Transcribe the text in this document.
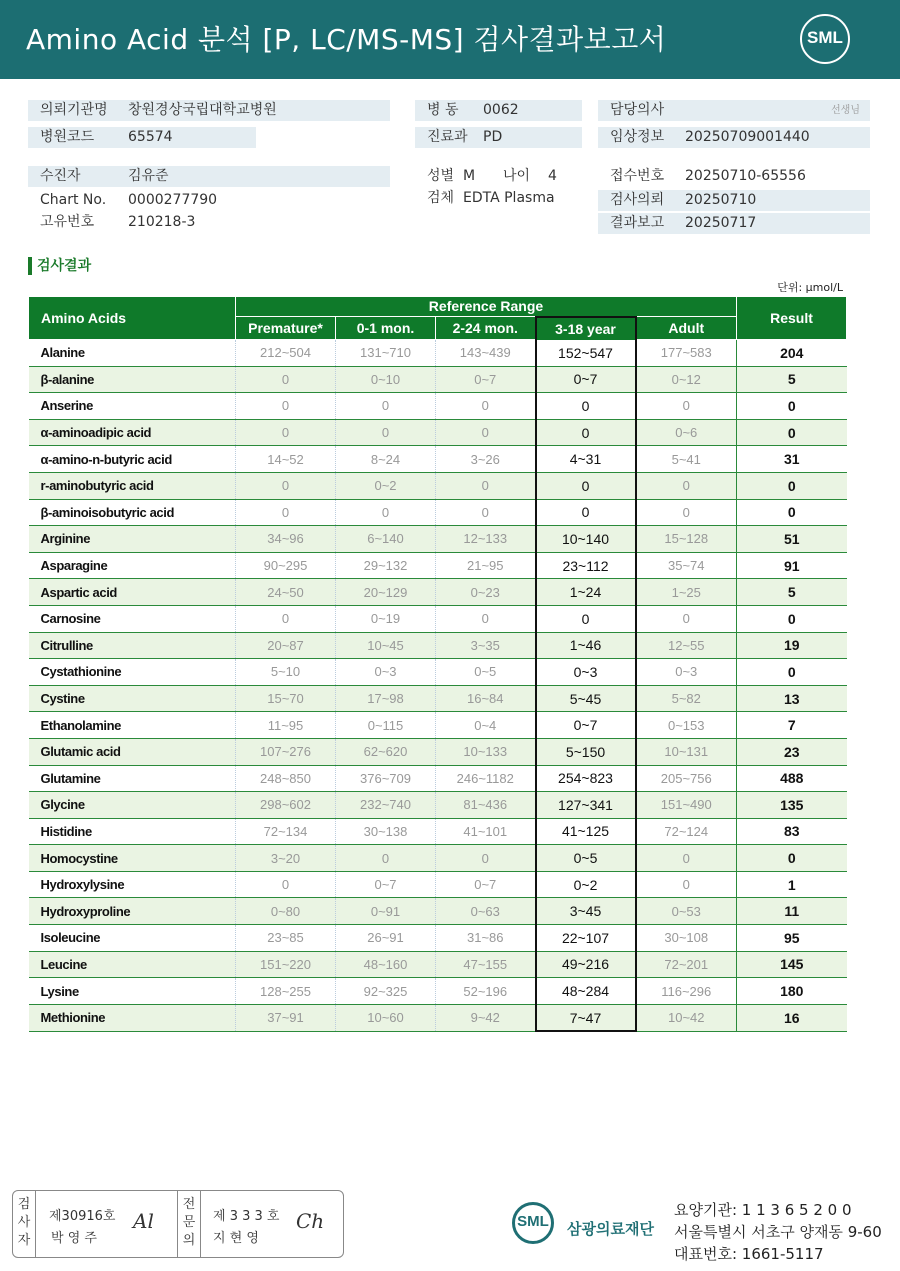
Amino Acid 분석 [P, LC/MS-MS] 검사결과보고서	SML
의뢰기관명 창원경상국립대학교병원
병원코드 65574
병 동 0062
진료과 PD
담당의사	선생님
임상정보 20250709001440
수진자	김유준
Chart No. 0000277790
고유번호 210218-3
성별 M 나이 4
검체 EDTA Plasma
접수번호 20250710-65556
검사의뢰 20250710
결과보고 20250717
검사결과
단위: μmol/L
Amino Acids	Reference Range					Result
	Premature*	0-1 mon.	2-24 mon.	3-18 year	Adult	
Alanine	212~504	131~710	143~439	152~547	177~583	204
β-alanine	0	0~10	0~7	0~7	0~12	5
Anserine	0	0	0	0	0	0
α-aminoadipic acid	0	0	0	0	0~6	0
α-amino-n-butyric acid	14~52	8~24	3~26	4~31	5~41	31
r-aminobutyric acid	0	0~2	0	0	0	0
β-aminoisobutyric acid	0	0	0	0	0	0
Arginine	34~96	6~140	12~133	10~140	15~128	51
Asparagine	90~295	29~132	21~95	23~112	35~74	91
Aspartic acid	24~50	20~129	0~23	1~24	1~25	5
Carnosine	0	0~19	0	0	0	0
Citrulline	20~87	10~45	3~35	1~46	12~55	19
Cystathionine	5~10	0~3	0~5	0~3	0~3	0
Cystine	15~70	17~98	16~84	5~45	5~82	13
Ethanolamine	11~95	0~115	0~4	0~7	0~153	7
Glutamic acid	107~276	62~620	10~133	5~150	10~131	23
Glutamine	248~850	376~709	246~1182	254~823	205~756	488
Glycine	298~602	232~740	81~436	127~341	151~490	135
Histidine	72~134	30~138	41~101	41~125	72~124	83
Homocystine	3~20	0	0	0~5	0	0
Hydroxylysine	0	0~7	0~7	0~2	0	1
Hydroxyproline	0~80	0~91	0~63	3~45	0~53	11
Isoleucine	23~85	26~91	31~86	22~107	30~108	95
Leucine	151~220	48~160	47~155	49~216	72~201	145
Lysine	128~255	92~325	52~196	48~284	116~296	180
Methionine	37~91	10~60	9~42	7~47	10~42	16
검
사
자
제30916호
박 영 주
Al
전
문
의
제 3 3 3 호
지 현 영
Ch	SML	삼광의료재단
요양기관: 1 1 3 6 5 2 0 0
서울특별시 서초구 양재동 9-60
대표번호: 1661-5117
